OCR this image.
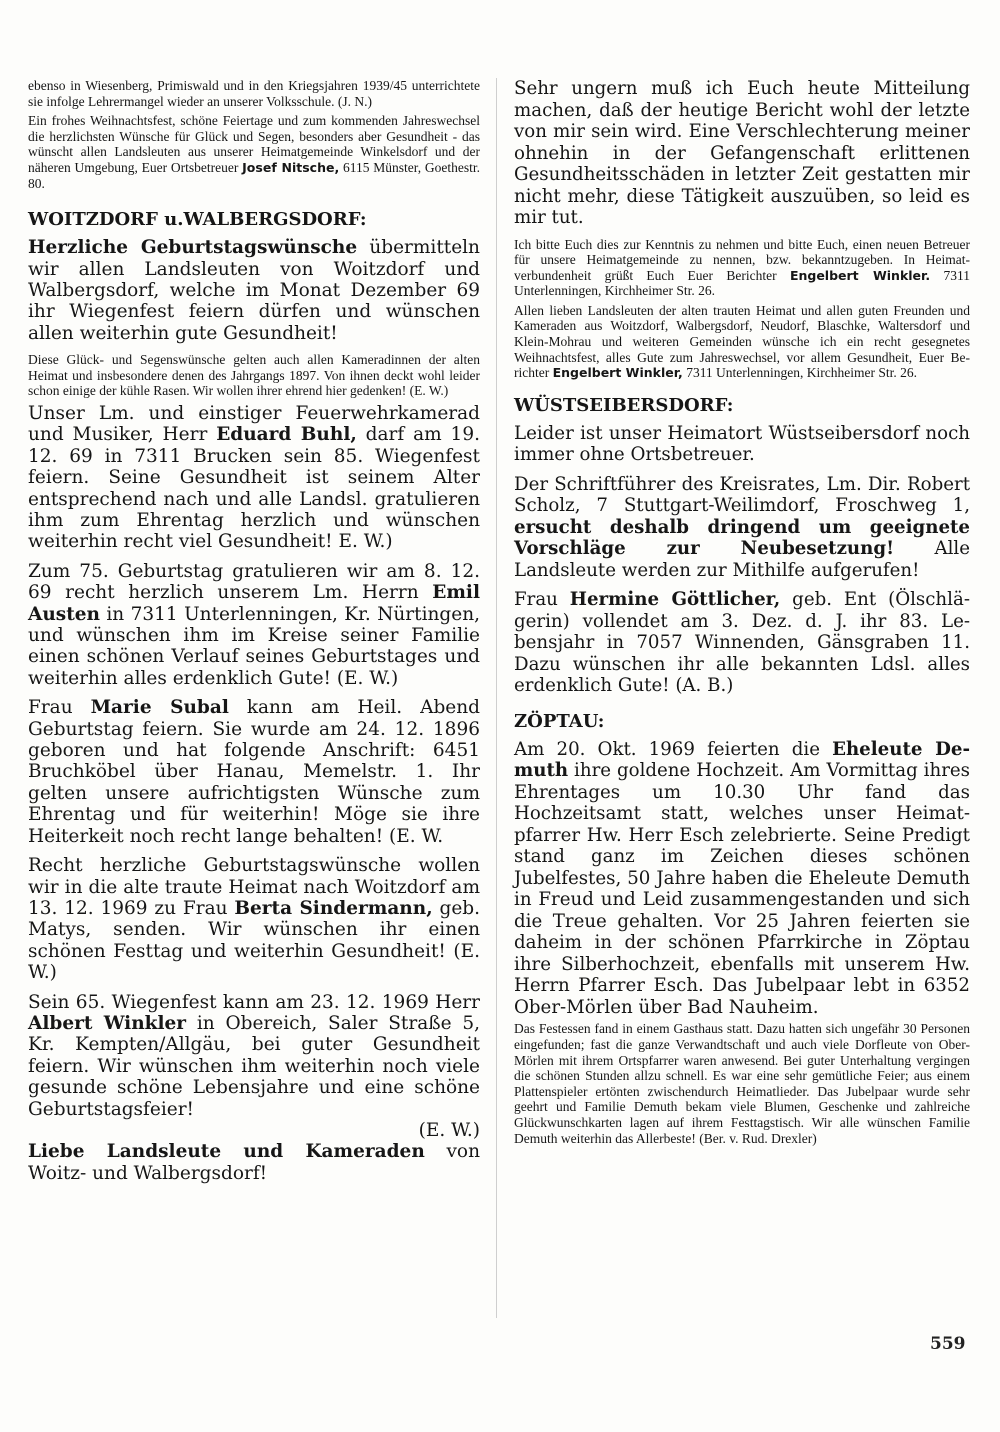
ebenso in Wiesenberg, Primiswald und in den Kriegsjahren 1939/45 unterrichtete sie infolge Lehrermangel wieder an unserer Volksschule. (J. N.)

Ein frohes Weihnachtsfest, schöne Feiertage und zum kommenden Jahreswechsel die herzlichsten Wünsche für Glück und Segen, besonders aber Gesundheit - das wünscht allen Landsleuten aus unserer Heimatgemeinde Winkelsdorf und der näheren Umgebung, Euer Ortsbetreuer Josef Nitsche, 6115 Münster, Goethestr. 80.

WOITZDORF u.WALBERGSDORF:

Herzliche Geburtstagswünsche übermitteln wir allen Landsleuten von Woitzdorf und Walbergsdorf, welche im Monat Dezember 69 ihr Wiegenfest feiern dürfen und wünschen allen weiterhin gute Gesundheit!

Diese Glück- und Segenswünsche gelten auch allen Kameradinnen der alten Heimat und insbesondere denen des Jahrgangs 1897. Von ihnen deckt wohl leider schon einige der kühle Rasen. Wir wollen ihrer ehrend hier gedenken! (E. W.)

Unser Lm. und einstiger Feuerwehrkamerad und Musiker, Herr Eduard Buhl, darf am 19. 12. 69 in 7311 Brucken sein 85. Wiegenfest feiern. Seine Gesundheit ist seinem Alter entsprechend nach und alle Landsl. gratulieren ihm zum Ehrentag herzlich und wünschen weiterhin recht viel Gesundheit! E. W.)

Zum 75. Geburtstag gratulieren wir am 8. 12. 69 recht herzlich unserem Lm. Herrn Emil Austen in 7311 Unterlenningen, Kr. Nürtingen, und wünschen ihm im Kreise seiner Familie einen schönen Verlauf seines Geburtstages und weiterhin alles erdenklich Gute! (E. W.)

Frau Marie Subal kann am Heil. Abend Geburtstag feiern. Sie wurde am 24. 12. 1896 geboren und hat folgende Anschrift: 6451 Bruchköbel über Hanau, Memelstr. 1. Ihr gelten unsere aufrichtigsten Wünsche zum Ehrentag und für weiterhin! Möge sie ihre Heiterkeit noch recht lange behalten! (E. W.

Recht herzliche Geburtstagswünsche wollen wir in die alte traute Heimat nach Woitzdorf am 13. 12. 1969 zu Frau Berta Sindermann, geb. Matys, senden. Wir wünschen ihr einen schönen Festtag und weiterhin Gesundheit! (E. W.)

Sein 65. Wiegenfest kann am 23. 12. 1969 Herr Albert Winkler in Obereich, Saler Straße 5, Kr. Kempten/Allgäu, bei guter Gesundheit feiern. Wir wünschen ihm weiterhin noch viele gesunde schöne Lebensjahre und eine schöne Geburtstagsfeier!

(E. W.)

Liebe Landsleute und Kameraden von Woitz- und Walbergsdorf!

Sehr ungern muß ich Euch heute Mitteilung machen, daß der heutige Bericht wohl der letzte von mir sein wird. Eine Verschlechterung meiner ohnehin in der Gefangenschaft erlittenen Gesundheitsschäden in letzter Zeit gestatten mir nicht mehr, diese Tätigkeit auszuüben, so leid es mir tut.

Ich bitte Euch dies zur Kenntnis zu nehmen und bitte Euch, einen neuen Betreuer für unsere Heimatgemeinde zu nennen, bzw. bekanntzugeben. In Heimatverbundenheit grüßt Euch Euer Berichter Engelbert Winkler. 7311 Unterlenningen, Kirchheimer Str. 26.

Allen lieben Landsleuten der alten trauten Heimat und allen guten Freunden und Kameraden aus Woitzdorf, Walbergsdorf, Neudorf, Blaschke, Waltersdorf und Klein-Mohrau und weiteren Gemeinden wünsche ich ein recht gesegnetes Weihnachtsfest, alles Gute zum Jahreswechsel, vor allem Gesundheit, Euer Berichter Engelbert Winkler, 7311 Unterlenningen, Kirchheimer Str. 26.

WÜSTSEIBERSDORF:

Leider ist unser Heimatort Wüstseibersdorf noch immer ohne Ortsbetreuer.

Der Schriftführer des Kreisrates, Lm. Dir. Robert Scholz, 7 Stuttgart-Weilimdorf, Froschweg 1, ersucht deshalb dringend um geeignete Vorschläge zur Neubesetzung! Alle Landsleute werden zur Mithilfe aufgerufen!

Frau Hermine Göttlicher, geb. Ent (Ölschlägerin) vollendet am 3. Dez. d. J. ihr 83. Lebensjahr in 7057 Winnenden, Gänsgraben 11. Dazu wünschen ihr alle bekannten Ldsl. alles erdenklich Gute! (A. B.)

ZÖPTAU:

Am 20. Okt. 1969 feierten die Eheleute Demuth ihre goldene Hochzeit. Am Vormittag ihres Ehrentages um 10.30 Uhr fand das Hochzeitsamt statt, welches unser Heimatpfarrer Hw. Herr Esch zelebrierte. Seine Predigt stand ganz im Zeichen dieses schönen Jubelfestes, 50 Jahre haben die Eheleute Demuth in Freud und Leid zusammengestanden und sich die Treue gehalten. Vor 25 Jahren feierten sie daheim in der schönen Pfarrkirche in Zöptau ihre Silberhochzeit, ebenfalls mit unserem Hw. Herrn Pfarrer Esch. Das Jubelpaar lebt in 6352 Ober-Mörlen über Bad Nauheim.

Das Festessen fand in einem Gasthaus statt. Dazu hatten sich ungefähr 30 Personen eingefunden; fast die ganze Verwandtschaft und auch viele Dorfleute von Ober-Mörlen mit ihrem Ortspfarrer waren anwesend. Bei guter Unterhaltung vergingen die schönen Stunden allzu schnell. Es war eine sehr gemütliche Feier; aus einem Plattenspieler ertönten zwischendurch Heimatlieder. Das Jubelpaar wurde sehr geehrt und Familie Demuth bekam viele Blumen, Geschenke und zahlreiche Glückwunschkarten lagen auf ihrem Festtagstisch. Wir alle wünschen Familie Demuth weiterhin das Allerbeste! (Ber. v. Rud. Drexler)

559
